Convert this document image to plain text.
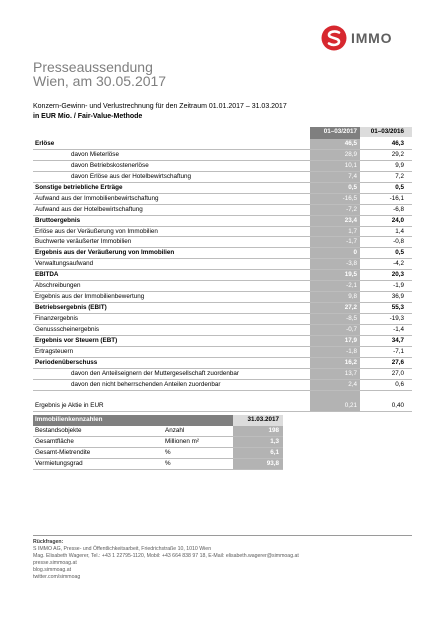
IMMO
Presseaussendung
Wien, am 30.05.2017
Konzern-Gewinn- und Verlustrechnung für den Zeitraum 01.01.2017 – 31.03.2017
in EUR Mio. / Fair-Value-Methode
01–03/2017	01–03/2016
Erlöse	46,5	46,3
davon Mieterlöse	28,9	29,2
davon Betriebskostenerlöse	10,1	9,9
davon Erlöse aus der Hotelbewirtschaftung	7,4	7,2
Sonstige betriebliche Erträge	0,5	0,5
Aufwand aus der Immobilienbewirtschaftung	-16,5	-16,1
Aufwand aus der Hotelbewirtschaftung	-7,2	-6,8
Bruttoergebnis	23,4	24,0
Erlöse aus der Veräußerung von Immobilien	1,7	1,4
Buchwerte veräußerter Immobilien	-1,7	-0,8
Ergebnis aus der Veräußerung von Immobilien	0	0,5
Verwaltungsaufwand	-3,8	-4,2
EBITDA	19,5	20,3
Abschreibungen	-2,1	-1,9
Ergebnis aus der Immobilienbewertung	9,8	36,9
Betriebsergebnis (EBIT)	27,2	55,3
Finanzergebnis	-8,5	-19,3
Genussscheinergebnis	-0,7	-1,4
Ergebnis vor Steuern (EBT)	17,9	34,7
Ertragsteuern	-1,8	-7,1
Periodenüberschuss	16,2	27,6
davon den Anteilseignern der Muttergesellschaft zuordenbar	13,7	27,0
davon den nicht beherrschenden Anteilen zuordenbar	2,4	0,6
Ergebnis je Aktie in EUR	0,21	0,40
Immobilienkennzahlen	31.03.2017
Bestandsobjekte	Anzahl	198
Gesamtfläche	Millionen m²	1,3
Gesamt-Mietrendite	%	6,1
Vermietungsgrad	%	93,8
Rückfragen:
S IMMO AG, Presse- und Öffentlichkeitsarbeit, Friedrichstraße 10, 1010 Wien
Mag. Elisabeth Wagerer, Tel.: +43 1 22795-1120, Mobil: +43 664 838 97 18, E-Mail: elisabeth.wagerer@simmoag.at
presse.simmoag.at
blog.simmoag.at
twitter.com/simmoag
